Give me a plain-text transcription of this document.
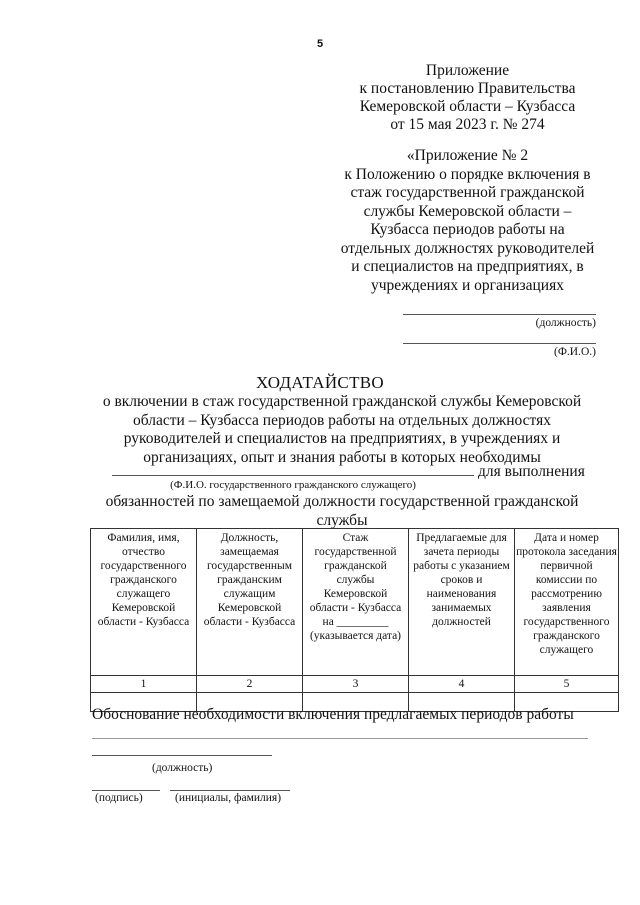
5
Приложение
к постановлению Правительства
Кемеровской области – Кузбасса
от 15 мая 2023 г. № 274
«Приложение № 2
к Положению о порядке включения в
стаж государственной гражданской
службы Кемеровской области –
Кузбасса периодов работы на
отдельных должностях руководителей
и специалистов на предприятиях, в
учреждениях и организациях
(должность)
(Ф.И.О.)
ХОДАТАЙСТВО
о включении в стаж государственной гражданской службы Кемеровской
области – Кузбасса периодов работы на отдельных должностях
руководителей и специалистов на предприятиях, в учреждениях и
организациях, опыт и знания работы в которых необходимы
для выполнения
(Ф.И.О. государственного гражданского служащего)
обязанностей по замещаемой должности государственной гражданской
службы
Фамилия, имя, отчество государственного гражданского служащего Кемеровской области - Кузбасса	Должность, замещаемая государственным гражданским служащим Кемеровской области - Кузбасса	Стаж государственной гражданской службы Кемеровской области - Кузбасса на _________ (указывается дата)	Предлагаемые для зачета периоды работы с указанием сроков и наименования занимаемых должностей	Дата и номер протокола заседания первичной комиссии по рассмотрению заявления государственного гражданского служащего
1	2	3	4	5

Обоснование необходимости включения предлагаемых периодов работы
(должность)
(подпись)	(инициалы, фамилия)
